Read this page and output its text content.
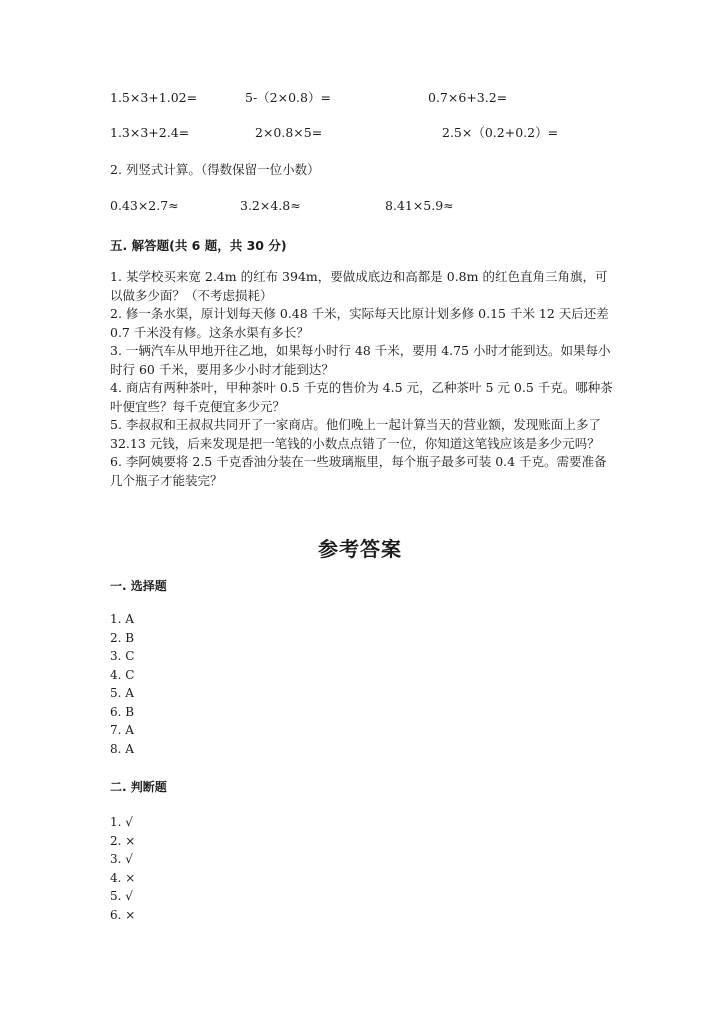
1.5×3+1.02=	5-（2×0.8）=	0.7×6+3.2=
1.3×3+2.4=	2×0.8×5=	2.5×（0.2+0.2）=
2. 列竖式计算。（得数保留一位小数）
0.43×2.7≈	3.2×4.8≈	8.41×5.9≈
五. 解答题(共 6 题，共 30 分)
1. 某学校买来宽 2.4m 的红布 394m，要做成底边和高都是 0.8m 的红色直角三角旗，可以做多少面？（不考虑损耗）
2. 修一条水渠，原计划每天修 0.48 千米，实际每天比原计划多修 0.15 千米 12 天后还差 0.7 千米没有修。这条水渠有多长？
3. 一辆汽车从甲地开往乙地，如果每小时行 48 千米，要用 4.75 小时才能到达。如果每小时行 60 千米，要用多少小时才能到达？
4. 商店有两种茶叶，甲种茶叶 0.5 千克的售价为 4.5 元，乙种茶叶 5 元 0.5 千克。哪种茶叶便宜些？每千克便宜多少元？
5. 李叔叔和王叔叔共同开了一家商店。他们晚上一起计算当天的营业额，发现账面上多了 32.13 元钱，后来发现是把一笔钱的小数点点错了一位，你知道这笔钱应该是多少元吗？
6. 李阿姨要将 2.5 千克香油分装在一些玻璃瓶里，每个瓶子最多可装 0.4 千克。需要准备几个瓶子才能装完？
参考答案
一. 选择题
1. A
2. B
3. C
4. C
5. A
6. B
7. A
8. A
二. 判断题
1. √
2. ×
3. √
4. ×
5. √
6. ×
